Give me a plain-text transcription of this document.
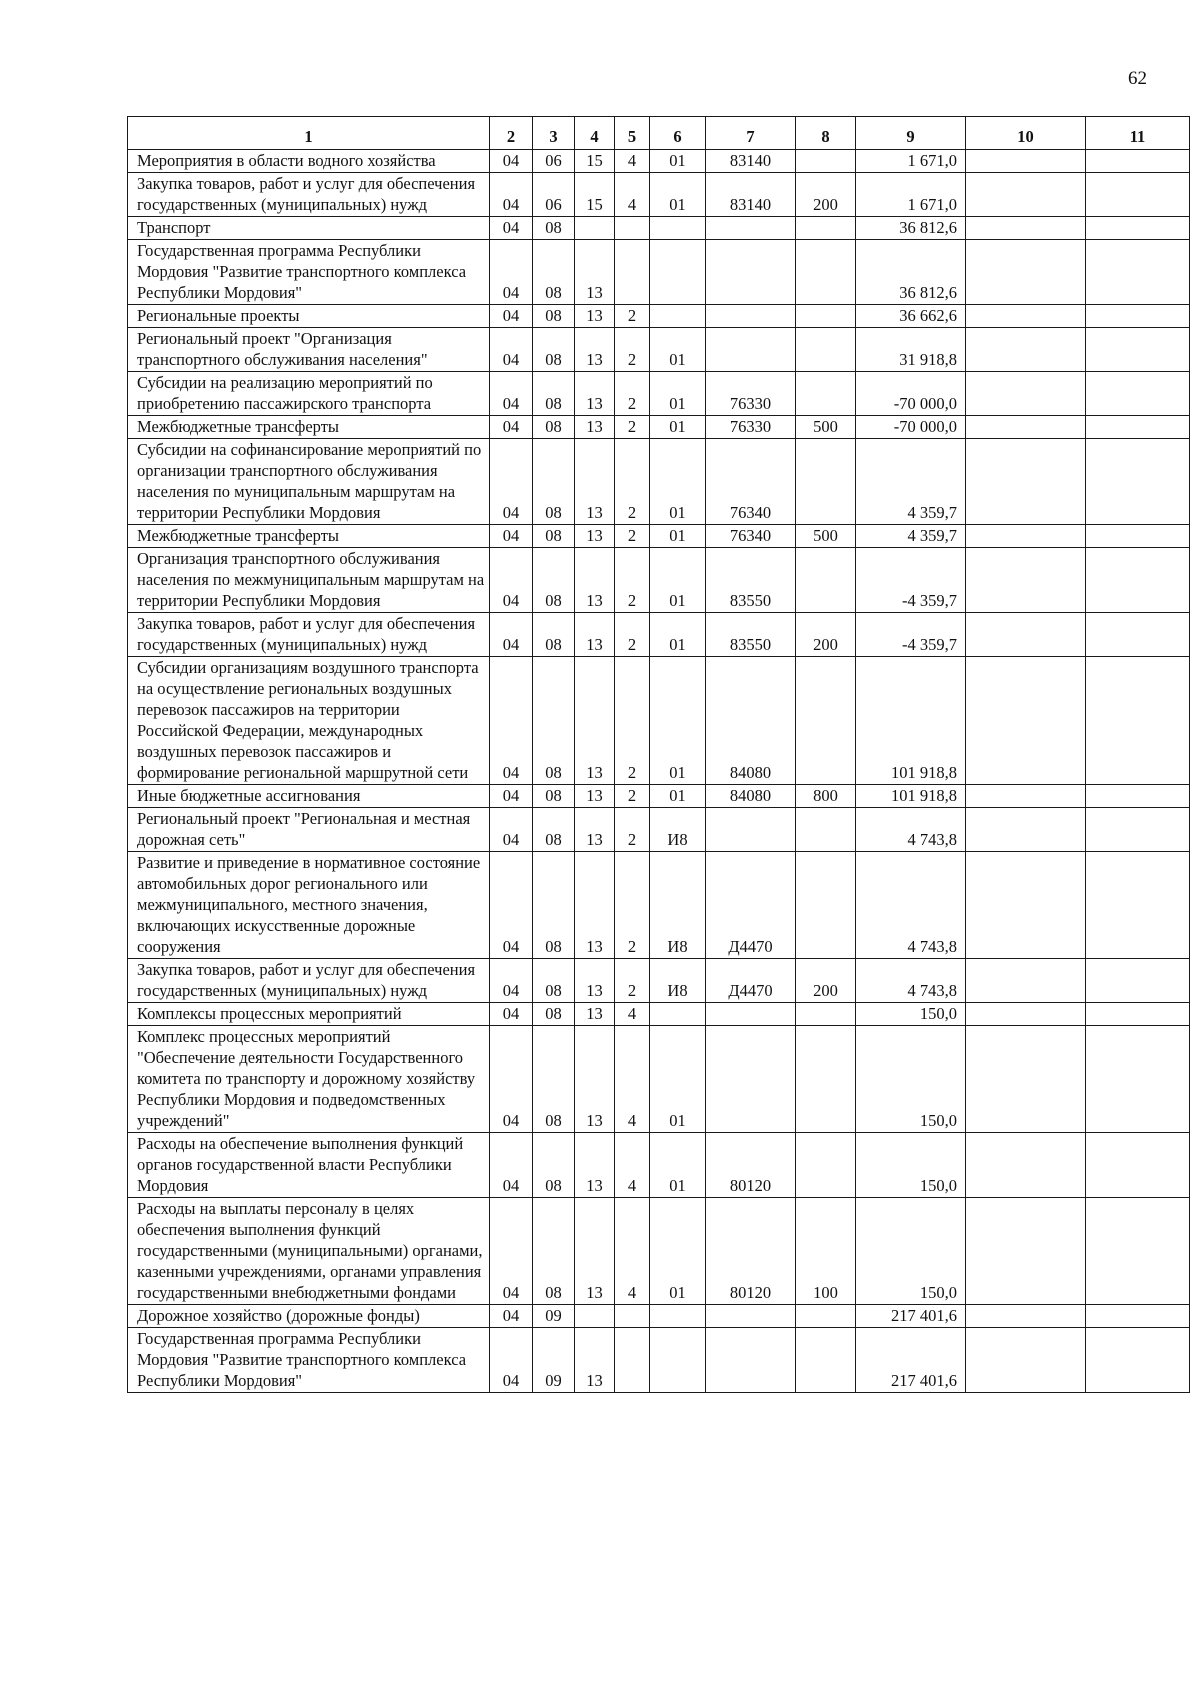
62
1	2	3	4	5	6	7	8	9	10	11
Мероприятия в области водного хозяйства	04	06	15	4	01	83140		1 671,0		
Закупка товаров, работ и услуг для обеспечения государственных (муниципальных) нужд	04	06	15	4	01	83140	200	1 671,0		
Транспорт	04	08						36 812,6		
Государственная программа Республики Мордовия "Развитие транспортного комплекса Республики Мордовия"	04	08	13					36 812,6		
Региональные проекты	04	08	13	2				36 662,6		
Региональный проект "Организация транспортного обслуживания населения"	04	08	13	2	01			31 918,8		
Субсидии на реализацию мероприятий по приобретению пассажирского транспорта	04	08	13	2	01	76330		-70 000,0		
Межбюджетные трансферты	04	08	13	2	01	76330	500	-70 000,0		
Субсидии на софинансирование мероприятий по организации транспортного обслуживания населения по муниципальным маршрутам на территории Республики Мордовия	04	08	13	2	01	76340		4 359,7		
Межбюджетные трансферты	04	08	13	2	01	76340	500	4 359,7		
Организация транспортного обслуживания населения по межмуниципальным маршрутам на территории Республики Мордовия	04	08	13	2	01	83550		-4 359,7		
Закупка товаров, работ и услуг для обеспечения государственных (муниципальных) нужд	04	08	13	2	01	83550	200	-4 359,7		
Субсидии организациям воздушного транспорта на осуществление региональных воздушных перевозок пассажиров на территории Российской Федерации, международных воздушных перевозок пассажиров и формирование региональной маршрутной сети	04	08	13	2	01	84080		101 918,8		
Иные бюджетные ассигнования	04	08	13	2	01	84080	800	101 918,8		
Региональный проект "Региональная и местная дорожная сеть"	04	08	13	2	И8			4 743,8		
Развитие и приведение в нормативное состояние автомобильных дорог регионального или межмуниципального, местного значения, включающих искусственные дорожные сооружения	04	08	13	2	И8	Д4470		4 743,8		
Закупка товаров, работ и услуг для обеспечения государственных (муниципальных) нужд	04	08	13	2	И8	Д4470	200	4 743,8		
Комплексы процессных мероприятий	04	08	13	4				150,0		
Комплекс процессных мероприятий "Обеспечение деятельности Государственного комитета по транспорту и дорожному хозяйству Республики Мордовия и подведомственных учреждений"	04	08	13	4	01			150,0		
Расходы на обеспечение выполнения функций органов государственной власти Республики Мордовия	04	08	13	4	01	80120		150,0		
Расходы на выплаты персоналу в целях обеспечения выполнения функций государственными (муниципальными) органами, казенными учреждениями, органами управления государственными внебюджетными фондами	04	08	13	4	01	80120	100	150,0		
Дорожное хозяйство (дорожные фонды)	04	09						217 401,6		
Государственная программа Республики Мордовия "Развитие транспортного комплекса Республики Мордовия"	04	09	13					217 401,6		
